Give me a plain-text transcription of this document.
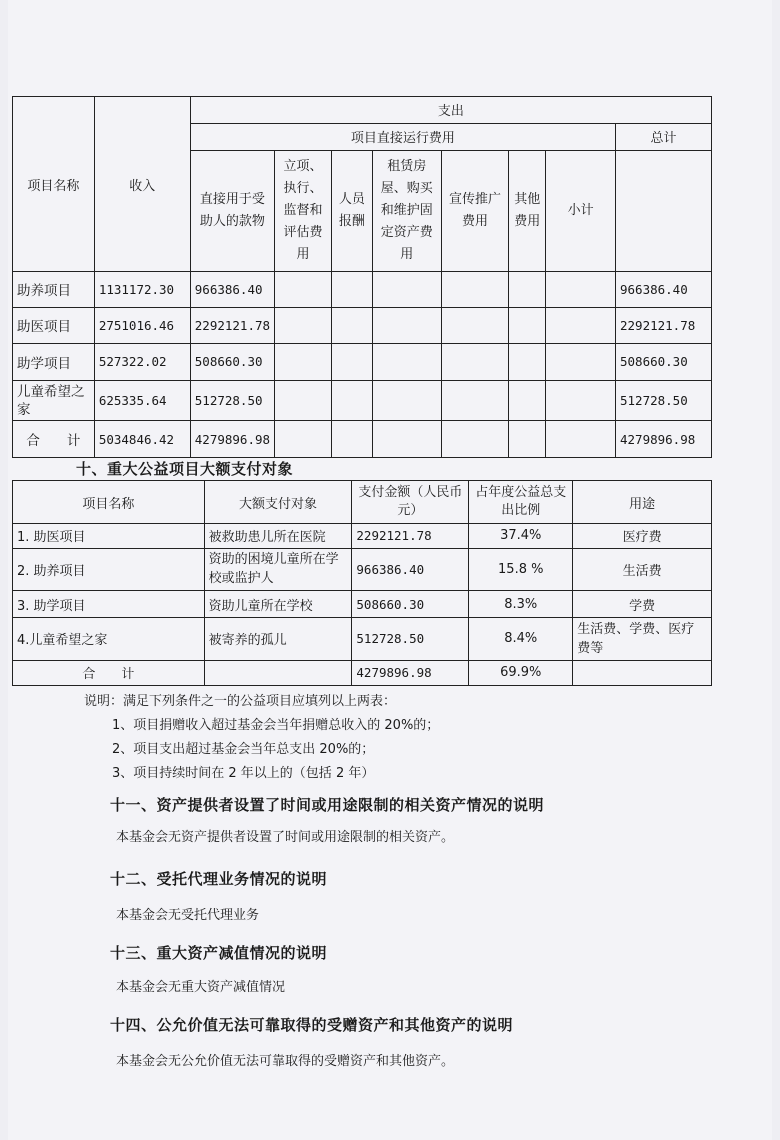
项目名称	收入	支出							
		项目直接运行费用							总计
		直接用于受助人的款物	立项、执行、监督和评估费用	人员报酬	租赁房屋、购买和维护固定资产费用	宣传推广费用	其他费用	小计	
助养项目	1131172.30	966386.40							966386.40
助医项目	2751016.46	2292121.78							2292121.78
助学项目	527322.02	508660.30							508660.30
儿童希望之家	625335.64	512728.50							512728.50
合　　计	5034846.42	4279896.98							4279896.98
十、重大公益项目大额支付对象
项目名称	大额支付对象	支付金额（人民币元）	占年度公益总支出比例	用途
1. 助医项目	被救助患儿所在医院	2292121.78	37.4%	医疗费
2. 助养项目	资助的困境儿童所在学校或监护人	966386.40	15.8 %	生活费
3. 助学项目	资助儿童所在学校	508660.30	8.3%	学费
4.儿童希望之家	被寄养的孤儿	512728.50	8.4%	生活费、学费、医疗费等
合　　计		4279896.98	69.9%	
说明：满足下列条件之一的公益项目应填列以上两表：
1、项目捐赠收入超过基金会当年捐赠总收入的 20%的；
2、项目支出超过基金会当年总支出 20%的；
3、项目持续时间在 2 年以上的（包括 2 年）
十一、资产提供者设置了时间或用途限制的相关资产情况的说明
本基金会无资产提供者设置了时间或用途限制的相关资产。
十二、受托代理业务情况的说明
本基金会无受托代理业务
十三、重大资产减值情况的说明
本基金会无重大资产减值情况
十四、公允价值无法可靠取得的受赠资产和其他资产的说明
本基金会无公允价值无法可靠取得的受赠资产和其他资产。
